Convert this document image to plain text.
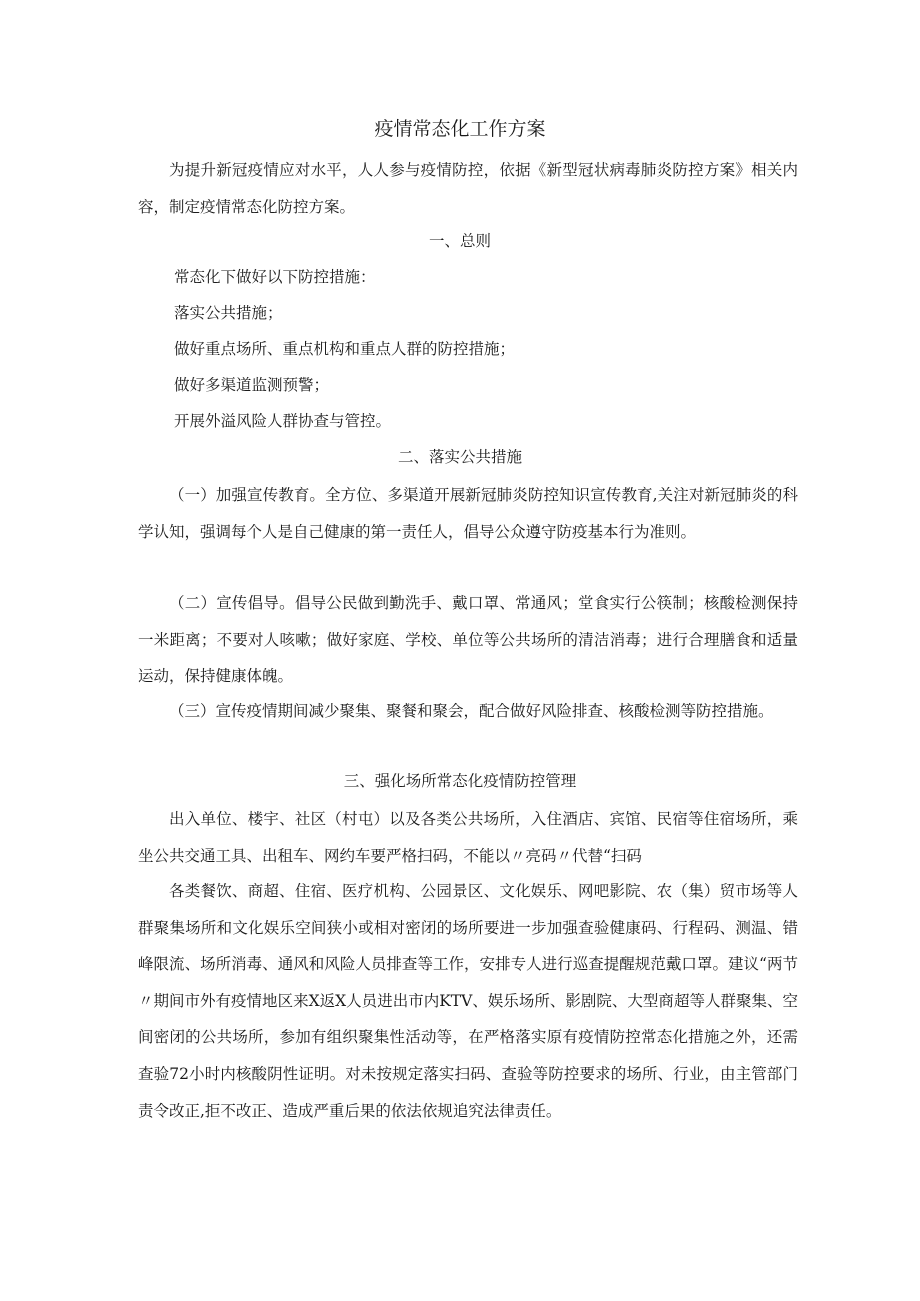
疫情常态化工作方案

为提升新冠疫情应对水平，人人参与疫情防控，依据《新型冠状病毒肺炎防控方案》相关内容，制定疫情常态化防控方案。

一、总则
常态化下做好以下防控措施：
落实公共措施；
做好重点场所、重点机构和重点人群的防控措施；
做好多渠道监测预警；
开展外溢风险人群协查与管控。
二、落实公共措施

（一）加强宣传教育。全方位、多渠道开展新冠肺炎防控知识宣传教育,关注对新冠肺炎的科学认知，强调每个人是自己健康的第一责任人，倡导公众遵守防疫基本行为准则。

（二）宣传倡导。倡导公民做到勤洗手、戴口罩、常通风；堂食实行公筷制；核酸检测保持一米距离；不要对人咳嗽；做好家庭、学校、单位等公共场所的清洁消毒；进行合理膳食和适量运动，保持健康体魄。

（三）宣传疫情期间减少聚集、聚餐和聚会，配合做好风险排查、核酸检测等防控措施。

三、强化场所常态化疫情防控管理

出入单位、楼宇、社区（村屯）以及各类公共场所，入住酒店、宾馆、民宿等住宿场所，乘坐公共交通工具、出租车、网约车要严格扫码，不能以〃亮码〃代替“扫码

各类餐饮、商超、住宿、医疗机构、公园景区、文化娱乐、网吧影院、农（集）贸市场等人群聚集场所和文化娱乐空间狭小或相对密闭的场所要进一步加强查验健康码、行程码、测温、错峰限流、场所消毒、通风和风险人员排查等工作，安排专人进行巡查提醒规范戴口罩。建议“两节〃期间市外有疫情地区来X返X人员进出市内KTV、娱乐场所、影剧院、大型商超等人群聚集、空间密闭的公共场所，参加有组织聚集性活动等，在严格落实原有疫情防控常态化措施之外，还需查验72小时内核酸阴性证明。对未按规定落实扫码、查验等防控要求的场所、行业，由主管部门责令改正,拒不改正、造成严重后果的依法依规追究法律责任。
